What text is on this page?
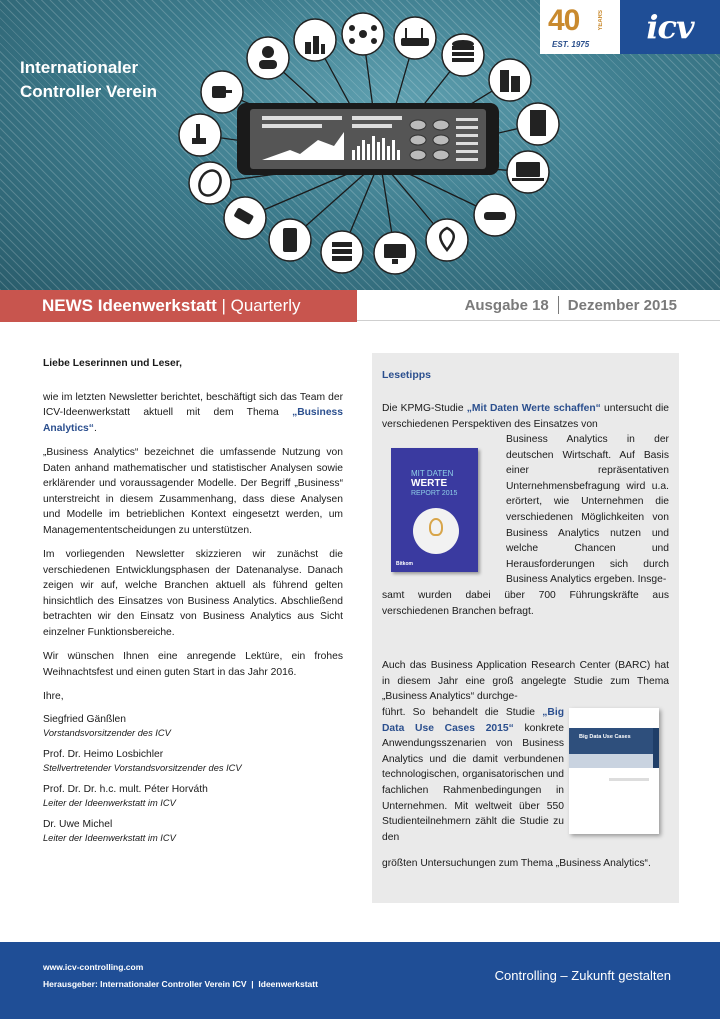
Internationaler
Controller Verein
40	YEARS
EST. 1975 icv
NEWS Ideenwerkstatt | Quarterly	Ausgabe 18 Dezember 2015

Liebe Leserinnen und Leser,

wie im letzten Newsletter berichtet, beschäftigt sich das Team der ICV-Ideenwerkstatt aktuell mit dem Thema „Business Analytics“.

„Business Analytics“ bezeichnet die umfassende Nutzung von Daten anhand mathematischer und statistischer Analysen sowie erklärender und voraussagender Modelle. Der Begriff „Business“ unterstreicht in diesem Zusammenhang, dass diese Analysen und Modelle im betrieblichen Kontext eingesetzt werden, um Managemententscheidungen zu unterstützen.

Im vorliegenden Newsletter skizzieren wir zunächst die verschiedenen Entwicklungsphasen der Datenanalyse. Danach zeigen wir auf, welche Branchen aktuell als führend gelten hinsichtlich des Einsatzes von Business Analytics. Abschließend betrachten wir den Einsatz von Business Analytics aus Sicht einzelner Funktionsbereiche.

Wir wünschen Ihnen eine anregende Lektüre, ein frohes Weihnachtsfest und einen guten Start in das Jahr 2016.

Ihre,

Siegfried Gänßlen
Vorstandsvorsitzender des ICV
Prof. Dr. Heimo Losbichler
Stellvertretender Vorstandsvorsitzender des ICV
Prof. Dr. Dr. h.c. mult. Péter Horváth
Leiter der Ideenwerkstatt im ICV
Dr. Uwe Michel
Leiter der Ideenwerkstatt im ICV
Lesetipps
Die KPMG-Studie „Mit Daten Werte schaffen“ untersucht die verschiedenen Perspektiven des Einsatzes von
MIT DATEN
WERTE
REPORT 2015
Bitkom
Business Analytics in der deutschen Wirtschaft. Auf Basis einer repräsentativen Unternehmensbefragung wird u.a. erörtert, wie Unternehmen die verschiedenen Möglichkeiten von Business Analytics nutzen und welche Chancen und Herausforderungen sich durch Business Analytics ergeben. Insge-
samt wurden dabei über 700 Führungskräfte aus verschiedenen Branchen befragt.
Auch das Business Application Research Center (BARC) hat in diesem Jahr eine groß angelegte Studie zum Thema „Business Analytics“ durchge-
Big Data Use Cases
führt. So behandelt die Studie „Big Data Use Cases 2015“ konkrete Anwendungsszenarien von Business Analytics und die damit verbundenen technologischen, organisatorischen und fachlichen Rahmenbedingungen in Unternehmen. Mit weltweit über 550 Studienteilnehmern zählt die Studie zu den
größten Untersuchungen zum Thema „Business Analytics“.
www.icv-controlling.com
Herausgeber: Internationaler Controller Verein ICV  |  Ideenwerkstatt
Controlling – Zukunft gestalten
